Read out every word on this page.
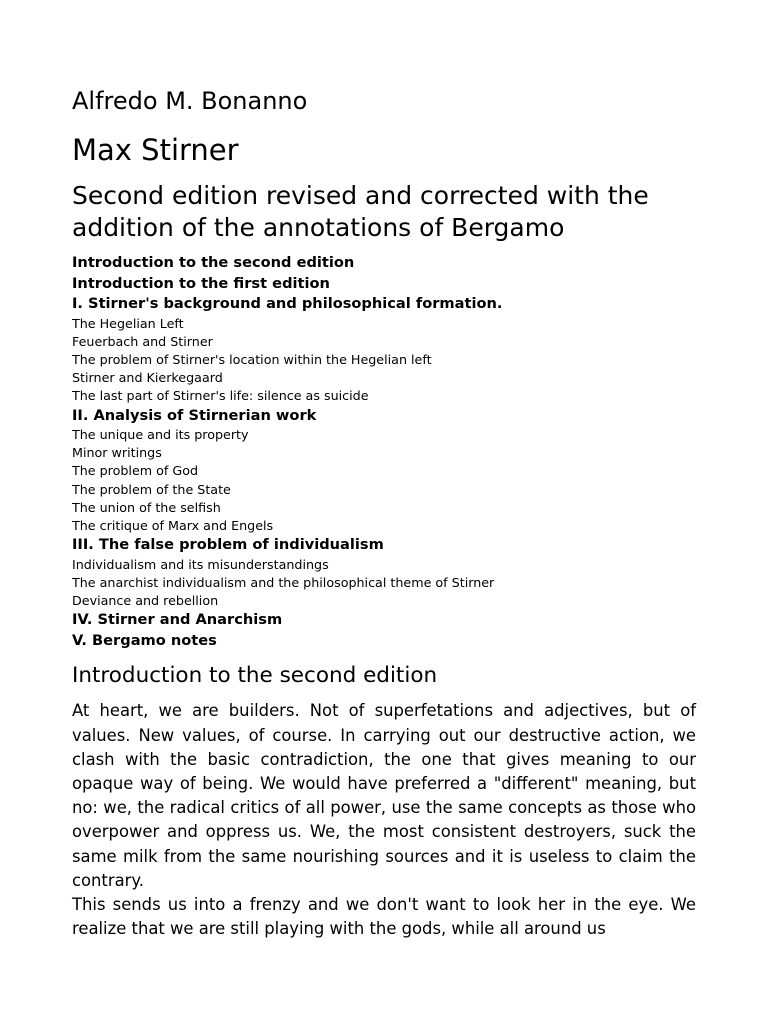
Alfredo M. Bonanno
Max Stirner
Second edition revised and corrected with the addition of the annotations of Bergamo
Introduction to the second edition
Introduction to the first edition
I. Stirner's background and philosophical formation.
The Hegelian Left
Feuerbach and Stirner
The problem of Stirner's location within the Hegelian left
Stirner and Kierkegaard
The last part of Stirner's life: silence as suicide
II. Analysis of Stirnerian work
The unique and its property
Minor writings
The problem of God
The problem of the State
The union of the selfish
The critique of Marx and Engels
III. The false problem of individualism
Individualism and its misunderstandings
The anarchist individualism and the philosophical theme of Stirner
Deviance and rebellion
IV. Stirner and Anarchism
V. Bergamo notes
Introduction to the second edition

At heart, we are builders. Not of superfetations and adjectives, but of values. New values, of course. In carrying out our destructive action, we clash with the basic contradiction, the one that gives meaning to our opaque way of being. We would have preferred a "different" meaning, but no: we, the radical critics of all power, use the same concepts as those who overpower and oppress us. We, the most consistent destroyers, suck the same milk from the same nourishing sources and it is useless to claim the contrary.

This sends us into a frenzy and we don't want to look her in the eye. We realize that we are still playing with the gods, while all around us
